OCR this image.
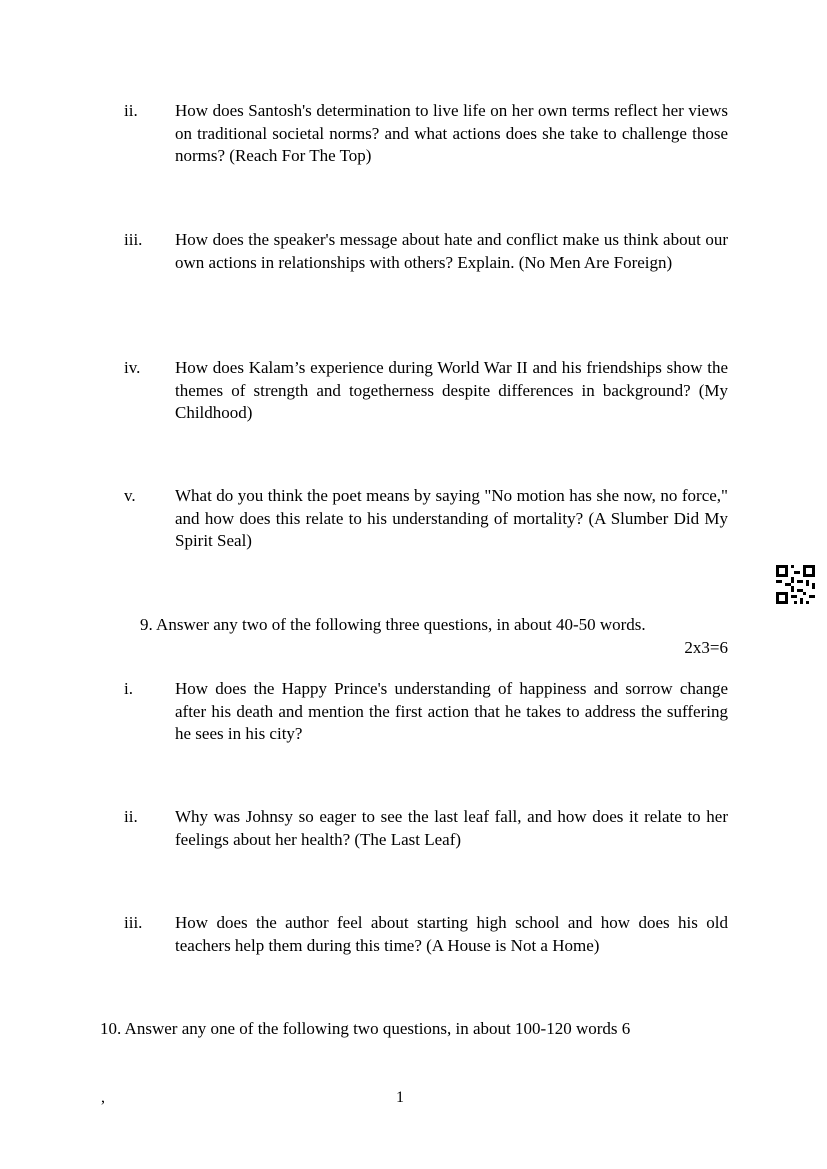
ii. How does Santosh's determination to live life on her own terms reflect her views on traditional societal norms? and what actions does she take to challenge those norms? (Reach For The Top)
iii. How does the speaker's message about hate and conflict make us think about our own actions in relationships with others? Explain. (No Men Are Foreign)
iv. How does Kalam’s experience during World War II and his friendships show the themes of strength and togetherness despite differences in background? (My Childhood)
v. What do you think the poet means by saying "No motion has she now, no force," and how does this relate to his understanding of mortality? (A Slumber Did My Spirit Seal)
9. Answer any two of the following three questions, in about 40-50 words.
2x3=6
i. How does the Happy Prince's understanding of happiness and sorrow change after his death and mention the first action that he takes to address the suffering he sees in his city?
ii. Why was Johnsy so eager to see the last leaf fall, and how does it relate to her feelings about her health? (The Last Leaf)
iii. How does the author feel about starting high school and how does his old teachers help them during this time? (A House is Not a Home)
10. Answer any one of the following two questions, in about 100-120 words 6
,	1
